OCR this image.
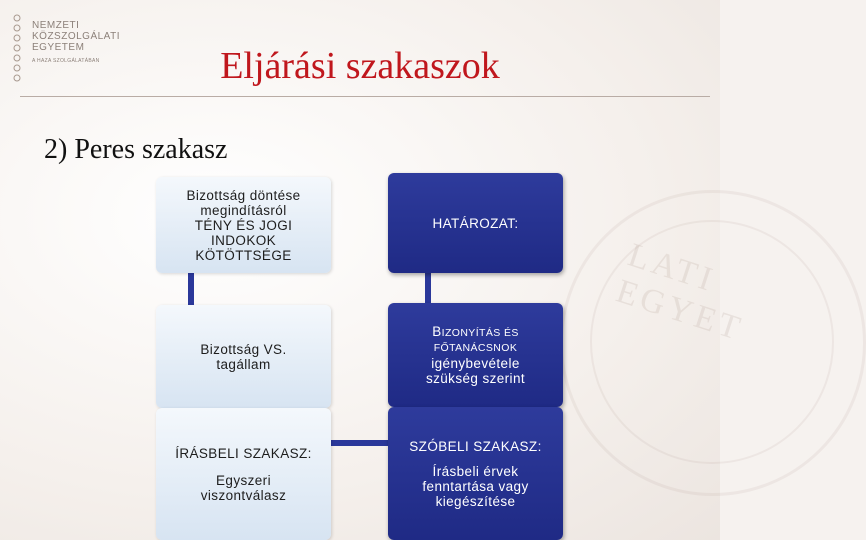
LATI EGYET
NEMZETI
KÖZSZOLGÁLATI
EGYETEM
A HAZA SZOLGÁLATÁBAN	Eljárási szakaszok
2) Peres szakasz
Bizottság döntése
megindításról
TÉNY ÉS JOGI
INDOKOK
KÖTÖTTSÉGE
Bizottság VS.
tagállam
ÍRÁSBELI SZAKASZ:
Egyszeri
viszontválasz
HATÁROZAT:
BIZONYÍTÁS ÉS
FŐTANÁCSNOK
igénybevétele
szükség szerint
SZÓBELI SZAKASZ:
Írásbeli érvek
fenntartása vagy
kiegészítése
